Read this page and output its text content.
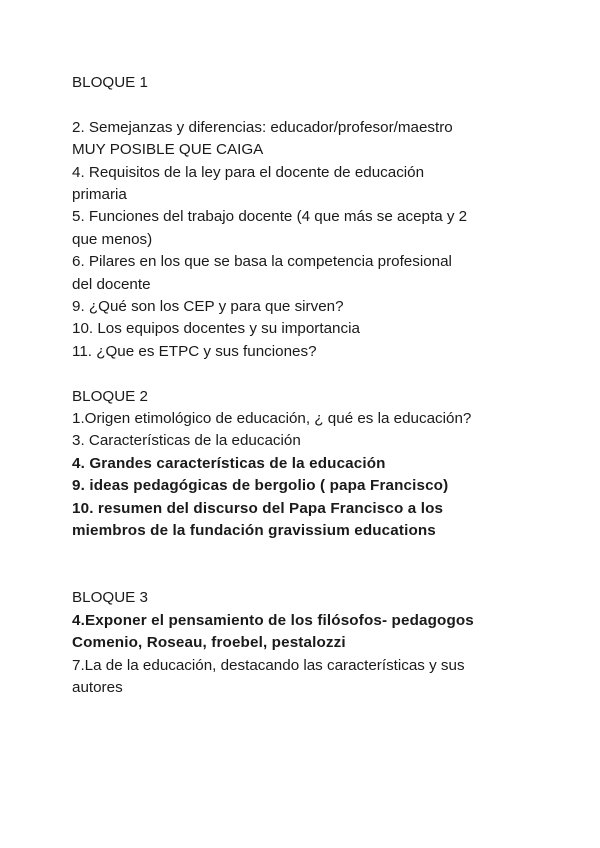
BLOQUE 1
2. Semejanzas y diferencias: educador/profesor/maestro
MUY POSIBLE QUE CAIGA
4. Requisitos de la ley para el docente de educación
primaria
5. Funciones del trabajo docente (4 que más se acepta y 2
que menos)
6. Pilares en los que se basa la competencia profesional
del docente
9. ¿Qué son los CEP y para que sirven?
10. Los equipos docentes y su importancia
11. ¿Que es ETPC y sus funciones?
BLOQUE 2
1.Origen etimológico de educación, ¿ qué es la educación?
3. Características de la educación
4. Grandes características de la educación
9. ideas pedagógicas de bergolio ( papa Francisco)
10. resumen del discurso del Papa Francisco a los
miembros de la fundación gravissium educations
BLOQUE 3
4.Exponer el pensamiento de los filósofos- pedagogos
Comenio, Roseau, froebel, pestalozzi
7.La de la educación, destacando las características y sus
autores
